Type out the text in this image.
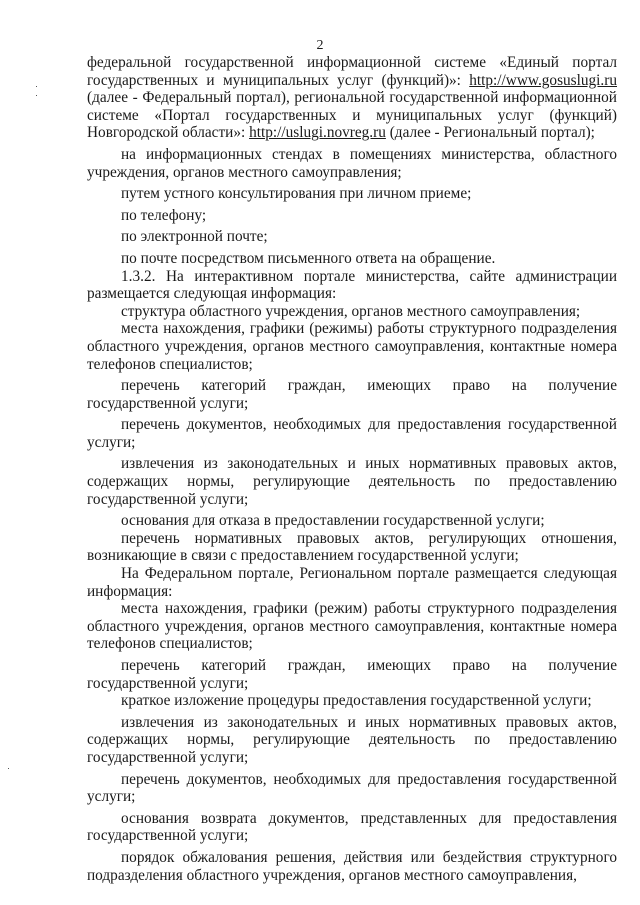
2

федеральной государственной информационной системе «Единый портал государственных и муниципальных услуг (функций)»: http://www.gosuslugi.ru (далее - Федеральный портал), региональной государственной информационной системе «Портал государственных и муниципальных услуг (функций) Новгородской области»: http://uslugi.novreg.ru (далее - Региональный портал);

на информационных стендах в помещениях министерства, областного учреждения, органов местного самоуправления;

путем устного консультирования при личном приеме;

по телефону;

по электронной почте;

по почте посредством письменного ответа на обращение.

1.3.2. На интерактивном портале министерства, сайте администрации размещается следующая информация:

структура областного учреждения, органов местного самоуправления;

места нахождения, графики (режимы) работы структурного подразделения областного учреждения, органов местного самоуправления, контактные номера телефонов специалистов;

перечень категорий граждан, имеющих право на получение государственной услуги;

перечень документов, необходимых для предоставления государственной услуги;

извлечения из законодательных и иных нормативных правовых актов, содержащих нормы, регулирующие деятельность по предоставлению государственной услуги;

основания для отказа в предоставлении государственной услуги;

перечень нормативных правовых актов, регулирующих отношения, возникающие в связи с предоставлением государственной услуги;

На Федеральном портале, Региональном портале размещается следующая информация:

места нахождения, графики (режим) работы структурного подразделения областного учреждения, органов местного самоуправления, контактные номера телефонов специалистов;

перечень категорий граждан, имеющих право на получение государственной услуги;

краткое изложение процедуры предоставления государственной услуги;

извлечения из законодательных и иных нормативных правовых актов, содержащих нормы, регулирующие деятельность по предоставлению государственной услуги;

перечень документов, необходимых для предоставления государственной услуги;

основания возврата документов, представленных для предоставления государственной услуги;

порядок обжалования решения, действия или бездействия структурного подразделения областного учреждения, органов местного самоуправления,
